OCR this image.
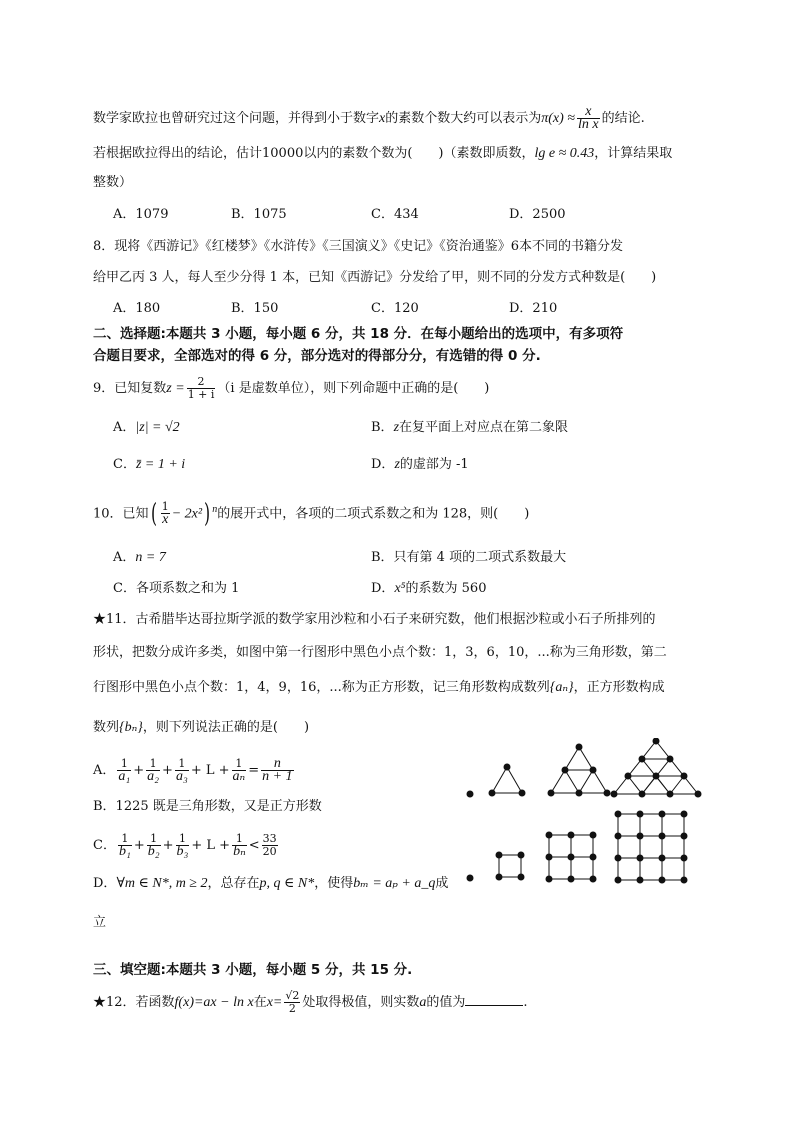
数学家欧拉也曾研究过这个问题，并得到小于数字x的素数个数大约可以表示为$\pi(x) \approx \frac{x}{\text{ln x}}$ 的结论.
若根据欧拉得出的结论，估计10000以内的素数个数为(　　)（素数即质数，lg e ≈ 0.43，计算结果取
整数）
A．1079	B．1075	C．434	D．2500
8．现将《西游记》《红楼梦》《水浒传》《三国演义》《史记》《资治通鉴》6本不同的书籍分发
给甲乙丙 3 人，每人至少分得 1 本，已知《西游记》分发给了甲，则不同的分发方式种数是(　　)
A．180	B．150	C．120	D．210
二、选择题:本题共 3 小题，每小题 6 分，共 18 分．在每小题给出的选项中，有多项符
合题目要求，全部选对的得 6 分，部分选对的得部分分，有选错的得 0 分.
9．已知复数$z = \frac{2}{1 + i} (i$ 是虚数单位），则下列命题中正确的是(　　)
A．|z| = √2	B．z在复平面上对应点在第二象限
C．z̄ = 1 + i	D．z的虚部为 -1
10．已知( $\frac{1}{x} - 2x^2$) $^n$的展开式中，各项的二项式系数之和为 128，则(　　)
A．n = 7	B．只有第 4 项的二项式系数最大
C．各项系数之和为 1	D．x⁵的系数为 560
★11．古希腊毕达哥拉斯学派的数学家用沙粒和小石子来研究数，他们根据沙粒或小石子所排列的
形状，把数分成许多类，如图中第一行图形中黑色小点个数：1，3，6，10，...称为三角形数，第二
行图形中黑色小点个数：1，4，9，16，...称为正方形数，记三角形数构成数列{aₙ}，正方形数构成
数列{bₙ}，则下列说法正确的是(　　)
A． $\frac{1}{\text{a₁}} + \frac{1}{\text{a₂}} + \frac{1}{\text{a₃}} + L + \frac{1}{\text{aₙ}} = \frac{n}{n + 1}$
B．1225 既是三角形数，又是正方形数
C． $\frac{1}{\text{b₁}} + \frac{1}{\text{b₂}} + \frac{1}{\text{b₃}} + L + \frac{1}{\text{bₙ}} < \frac{33}{20}$
D．∀m ∈ N*, m ≥ 2，总存在p, q ∈ N*，使得bₘ = aₚ + a_q成
立
三、填空题:本题共 3 小题，每小题 5 分，共 15 分.
★12．若函数f(x)=ax − ln x在$x= \frac{√2}{2}$ 处取得极值，则实数a的值为	.
